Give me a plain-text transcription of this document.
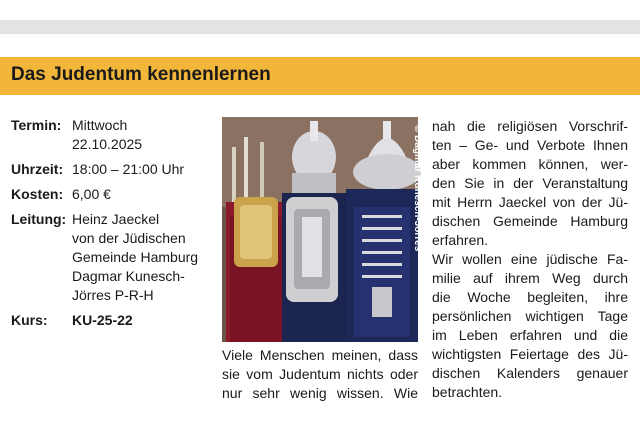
Das Judentum kennenlernen
Termin: Mittwoch
22.10.2025
Uhrzeit: 18:00 – 21:00 Uhr
Kosten: 6,00 €
Leitung: Heinz Jaeckel
von der Jüdischen
Gemeinde Hamburg
Dagmar Kunesch-
Jörres P-R-H
Kurs: KU-25-22
© Dagmar Kunesch-Jörres
Viele Menschen meinen, dass
sie vom Judentum nichts oder
nur sehr wenig wissen. Wie
nah die religiösen Vorschrif-
ten – Ge- und Verbote Ihnen
aber kommen können, wer-
den Sie in der Veranstaltung
mit Herrn Jaeckel von der Jü-
dischen Gemeinde Hamburg
erfahren.
Wir wollen eine jüdische Fa-
milie auf ihrem Weg durch
die Woche begleiten, ihre
persönlichen wichtigen Tage
im Leben erfahren und die
wichtigsten Feiertage des Jü-
dischen Kalenders genauer
betrachten.
